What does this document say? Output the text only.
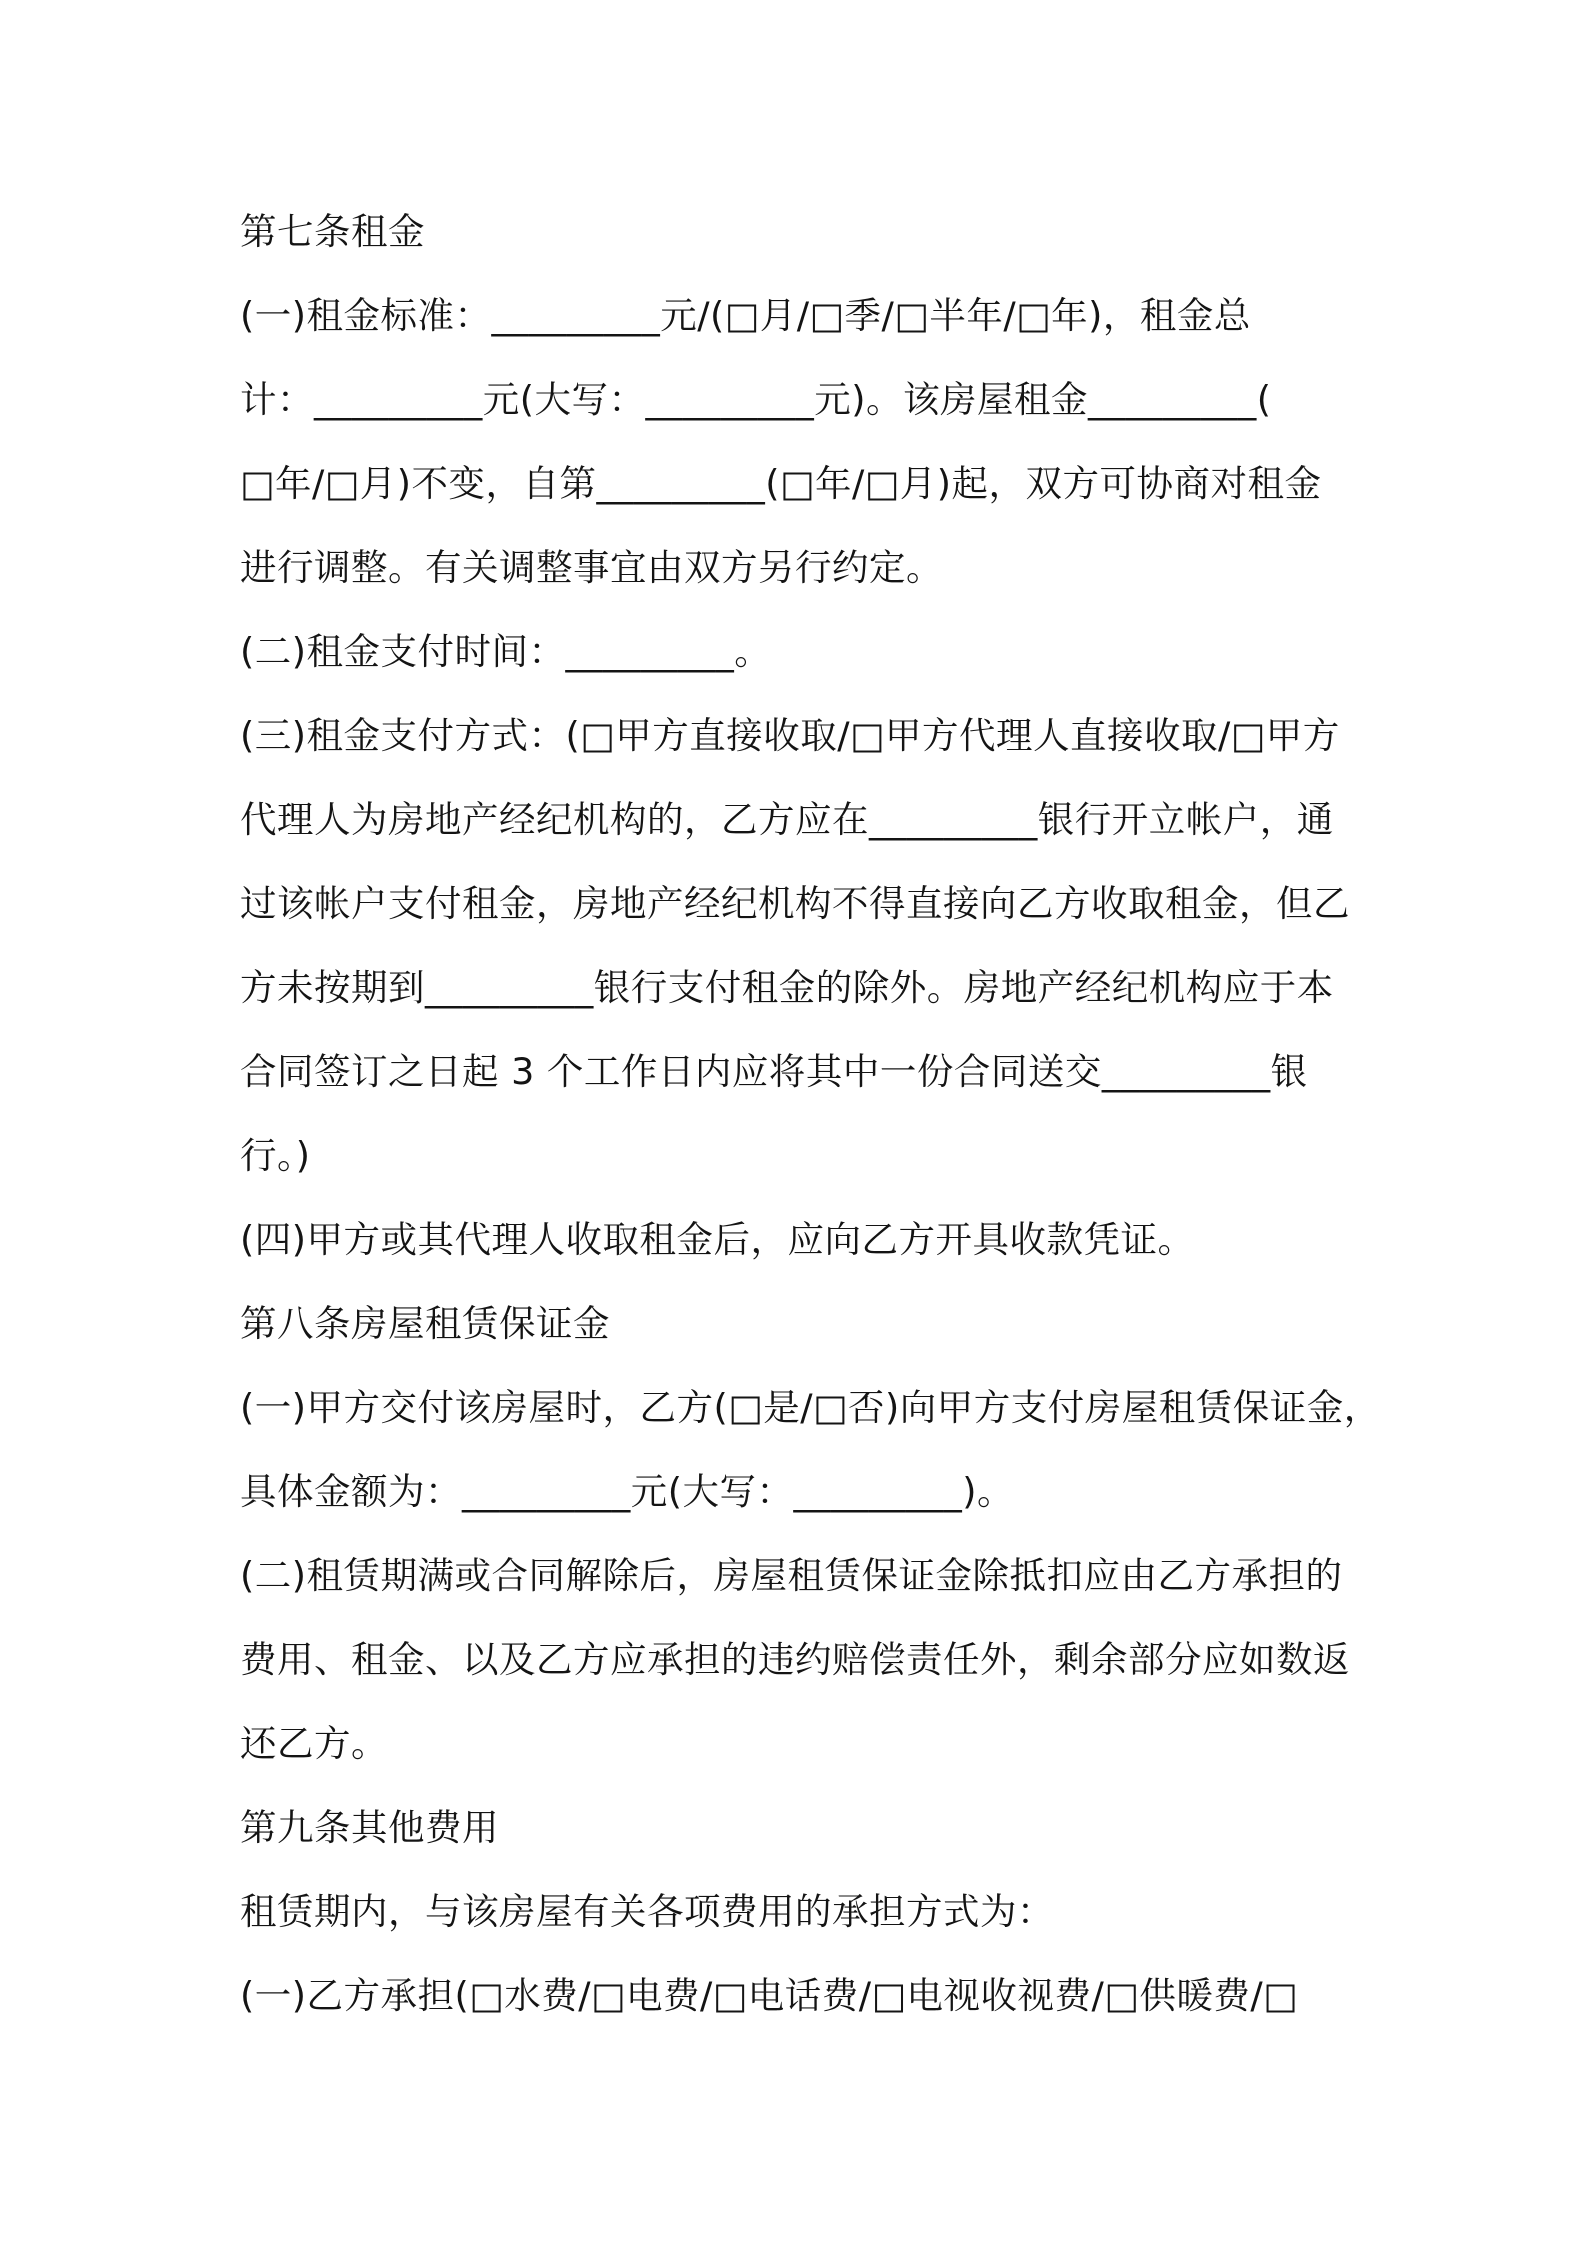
第七条租金
(一)租金标准：_________元/(□月/□季/□半年/□年)，租金总
计：_________元(大写：_________元)。该房屋租金_________(
□年/□月)不变，自第_________(□年/□月)起，双方可协商对租金
进行调整。有关调整事宜由双方另行约定。
(二)租金支付时间：_________。
(三)租金支付方式：(□甲方直接收取/□甲方代理人直接收取/□甲方
代理人为房地产经纪机构的，乙方应在_________银行开立帐户，通
过该帐户支付租金，房地产经纪机构不得直接向乙方收取租金，但乙
方未按期到_________银行支付租金的除外。房地产经纪机构应于本
合同签订之日起 3 个工作日内应将其中一份合同送交_________银
行。)
(四)甲方或其代理人收取租金后，应向乙方开具收款凭证。
第八条房屋租赁保证金
(一)甲方交付该房屋时，乙方(□是/□否)向甲方支付房屋租赁保证金，
具体金额为：_________元(大写：_________)。
(二)租赁期满或合同解除后，房屋租赁保证金除抵扣应由乙方承担的
费用、租金、以及乙方应承担的违约赔偿责任外，剩余部分应如数返
还乙方。
第九条其他费用
租赁期内，与该房屋有关各项费用的承担方式为：
(一)乙方承担(□水费/□电费/□电话费/□电视收视费/□供暖费/□
